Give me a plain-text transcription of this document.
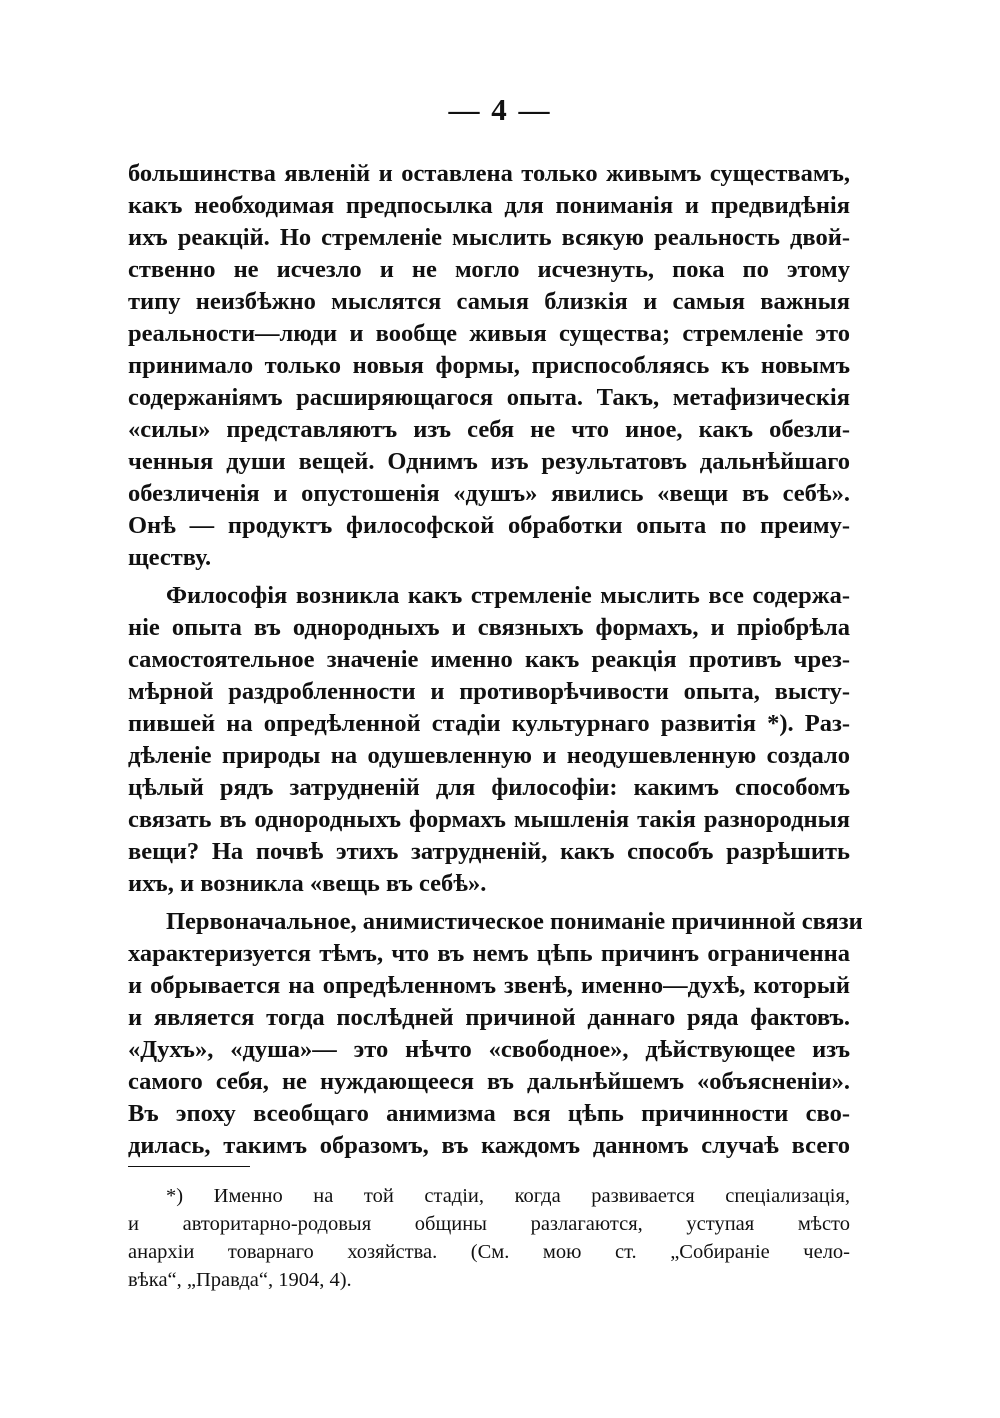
— 4 —
большинства явленій и оставлена только живымъ существамъ,
какъ необходимая предпосылка для пониманія и предвидѣнія
ихъ реакцій. Но стремленіе мыслить всякую реальность двой-
ственно не исчезло и не могло исчезнуть, пока по этому
типу неизбѣжно мыслятся самыя близкія и самыя важныя
реальности—люди и вообще живыя существа; стремленіе это
принимало только новыя формы, приспособляясь къ новымъ
содержаніямъ расширяющагося опыта. Такъ, метафизическія
«силы» представляютъ изъ себя не что иное, какъ обезли-
ченныя души вещей. Однимъ изъ результатовъ дальнѣйшаго
обезличенія и опустошенія «душъ» явились «вещи въ себѣ».
Онѣ — продуктъ философской обработки опыта по преиму-
ществу.
Философія возникла какъ стремленіе мыслить все содержа-
ніе опыта въ однородныхъ и связныхъ формахъ, и пріобрѣла
самостоятельное значеніе именно какъ реакція противъ чрез-
мѣрной раздробленности и противорѣчивости опыта, высту-
пившей на опредѣленной стадіи культурнаго развитія *). Раз-
дѣленіе природы на одушевленную и неодушевленную создало
цѣлый рядъ затрудненій для философіи: какимъ способомъ
связать въ однородныхъ формахъ мышленія такія разнородныя
вещи? На почвѣ этихъ затрудненій, какъ способъ разрѣшить
ихъ, и возникла «вещь въ себѣ».
Первоначальное, анимистическое пониманіе причинной связи
характеризуется тѣмъ, что въ немъ цѣпь причинъ ограниченна
и обрывается на опредѣленномъ звенѣ, именно—духѣ, который
и является тогда послѣдней причиной даннаго ряда фактовъ.
«Духъ», «душа»— это нѣчто «свободное», дѣйствующее изъ
самого себя, не нуждающееся въ дальнѣйшемъ «объясненіи».
Въ эпоху всеобщаго анимизма вся цѣпь причинности сво-
дилась, такимъ образомъ, въ каждомъ данномъ случаѣ всего
*) Именно на той стадіи, когда развивается спеціализація,
и авторитарно-родовыя общины разлагаются, уступая мѣсто
анархіи товарнаго хозяйства. (См. мою ст. „Собираніе чело-
вѣка“, „Правда“, 1904, 4).
